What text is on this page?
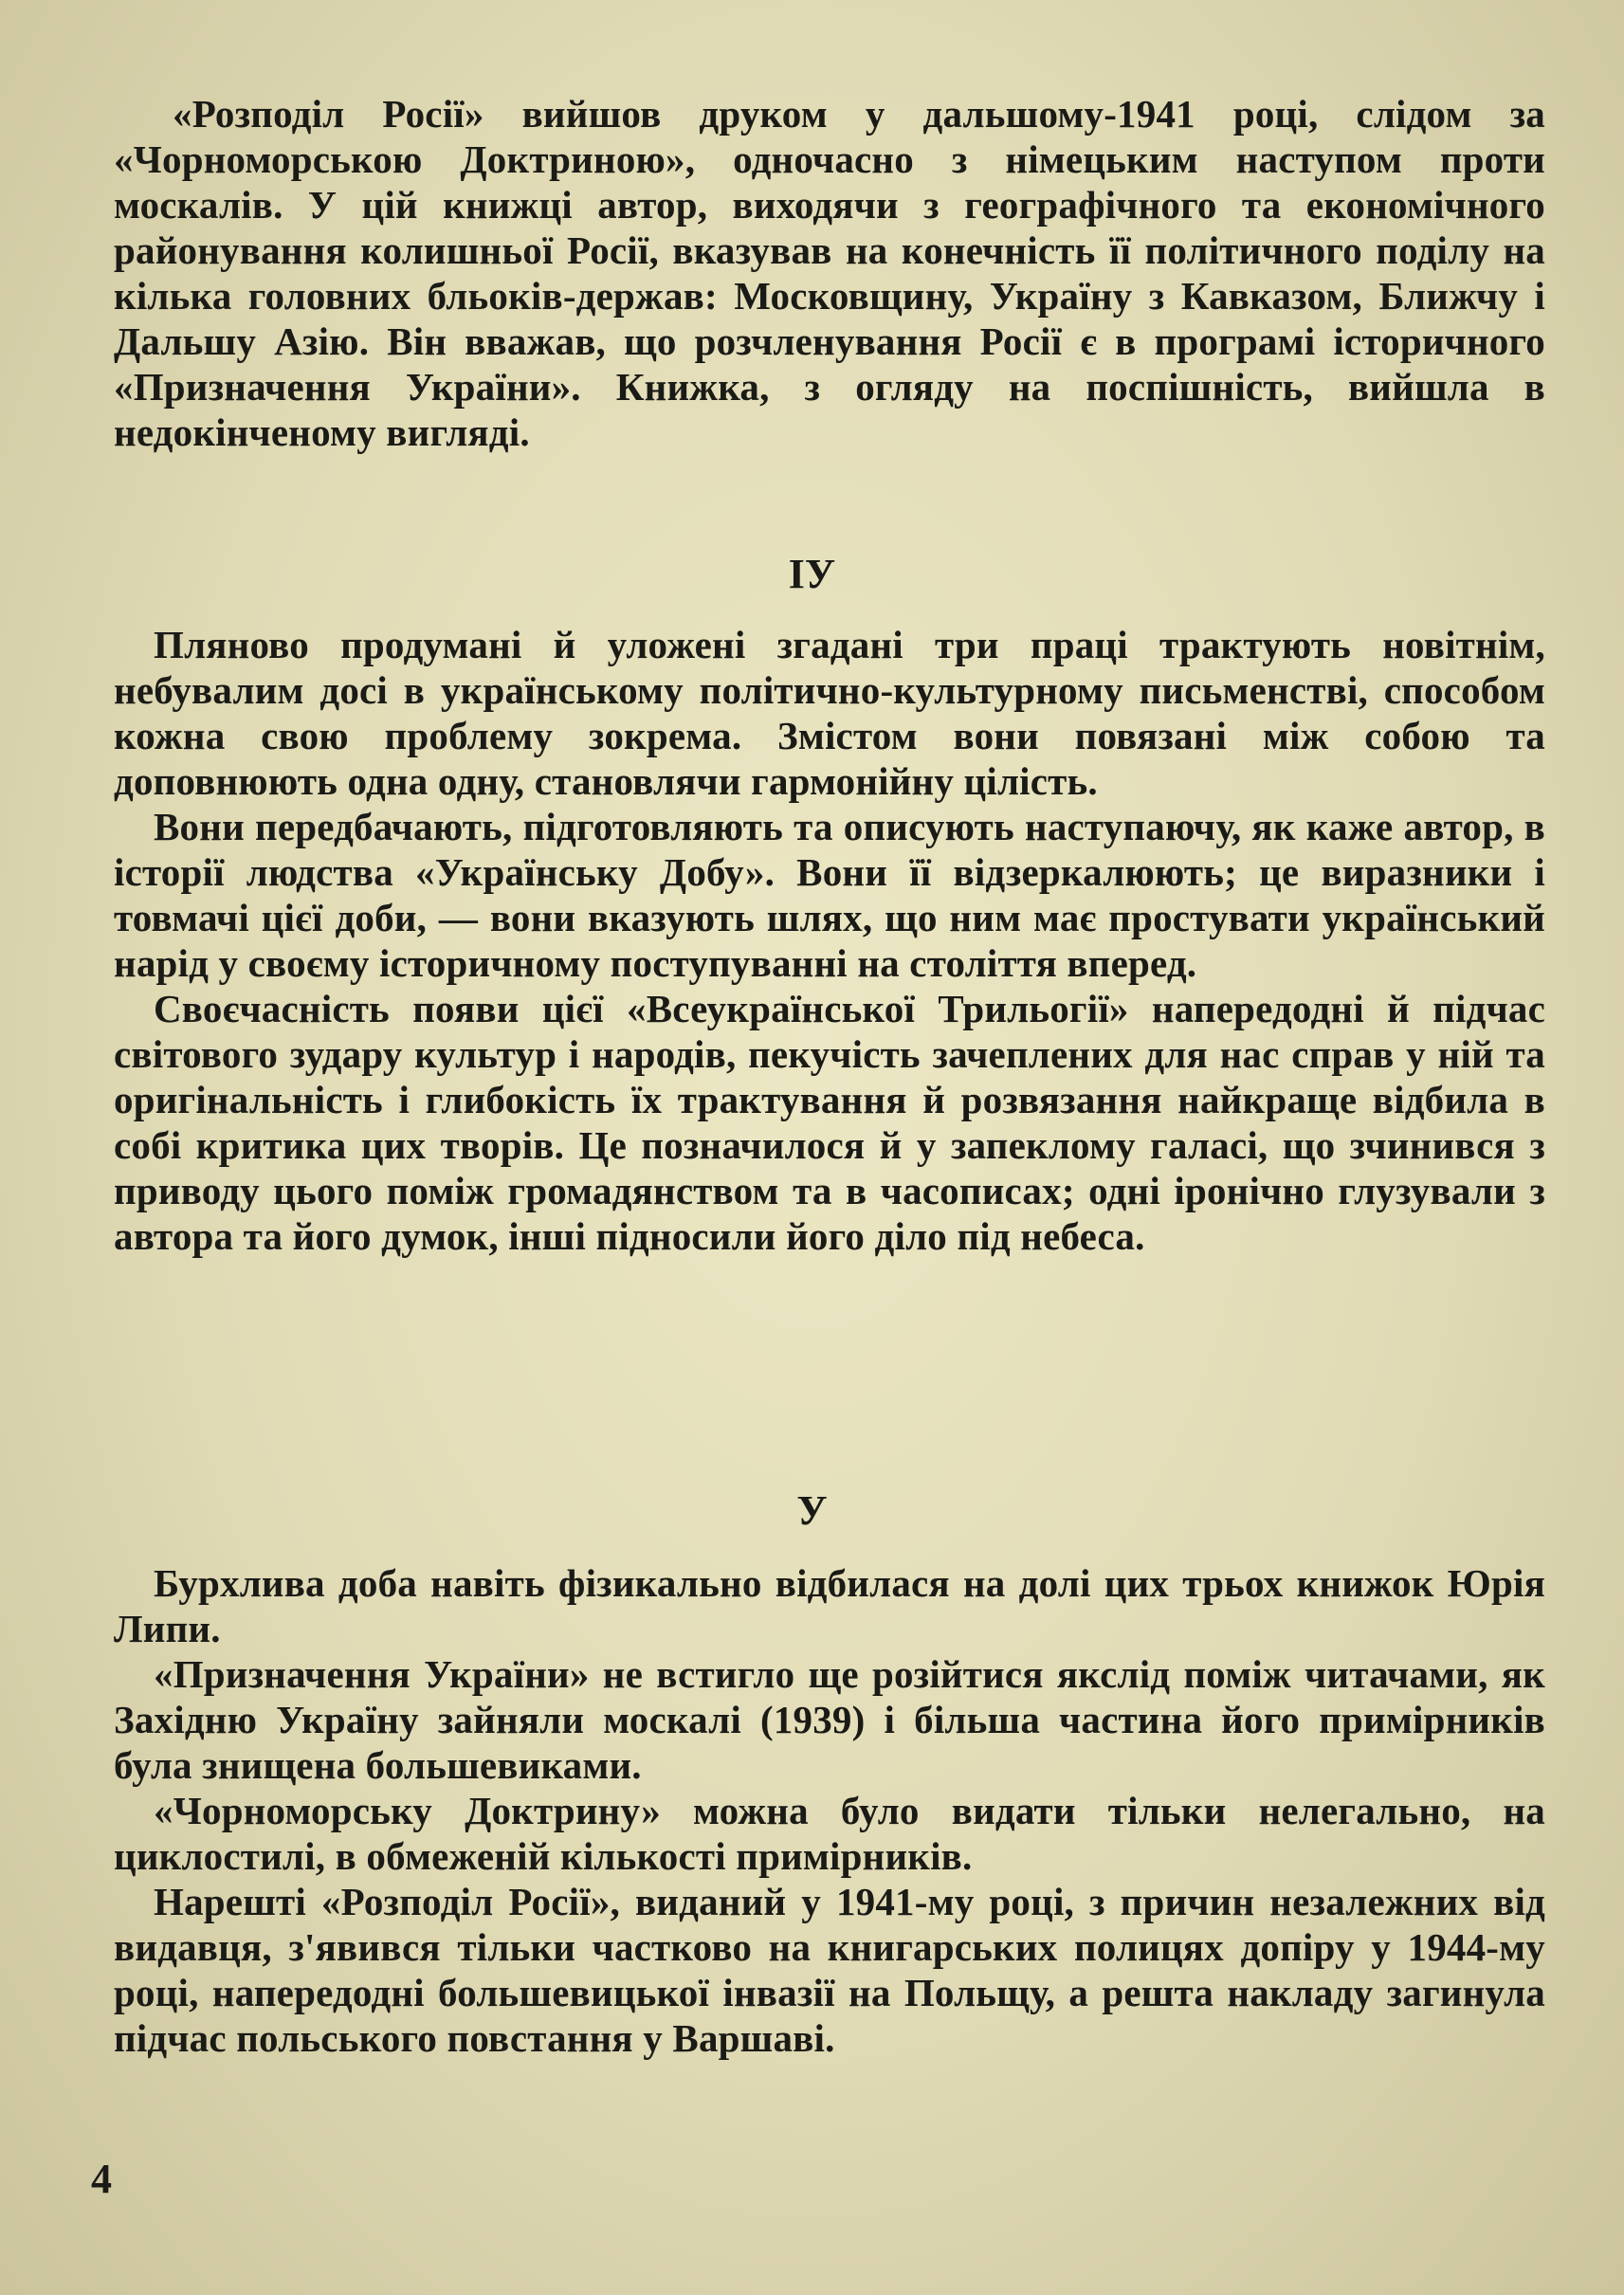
«Розподіл Росії» вийшов друком у дальшому-1941 році, слідом за «Чорноморською Доктриною», одночасно з німецьким наступом проти москалів. У цій книжці автор, виходячи з географічного та економічного районування колишньої Росії, вказував на конечність її політичного поділу на кілька головних бльоків-держав: Московщину, Україну з Кавказом, Ближчу і Дальшу Азію. Він вважав, що розчленування Росії є в програмі історичного «Призначення України». Книжка, з огляду на поспішність, вийшла в недокінченому вигляді.

ІУ

Пляново продумані й уложені згадані три праці трактують новітнім, небувалим досі в українському політично-культурному письменстві, способом кожна свою проблему зокрема. Змістом вони повязані між собою та доповнюють одна одну, становлячи гармонійну цілість.

Вони передбачають, підготовляють та описують наступаючу, як каже автор, в історії людства «Українську Добу». Вони її відзеркалюють; це виразники і товмачі цієї доби, — вони вказують шлях, що ним має простувати український нарід у своєму історичному поступуванні на століття вперед.

Своєчасність появи цієї «Всеукраїнської Трильогії» напередодні й підчас світового зудару культур і народів, пекучість зачеплених для нас справ у ній та оригінальність і глибокість їх трактування й розвязання найкраще відбила в собі критика цих творів. Це позначилося й у запеклому галасі, що зчинився з приводу цього поміж громадянством та в часописах; одні іронічно глузували з автора та його думок, інші підносили його діло під небеса.

У

Бурхлива доба навіть фізикально відбилася на долі цих трьох книжок Юрія Липи.

«Призначення України» не встигло ще розійтися якслід поміж читачами, як Західню Україну зайняли москалі (1939) і більша частина його примірників була знищена большевиками.

«Чорноморську Доктрину» можна було видати тільки нелегально, на циклостилі, в обмеженій кількості примірників.

Нарешті «Розподіл Росії», виданий у 1941-му році, з причин незалежних від видавця, з'явився тільки частково на книгарських полицях допіру у 1944-му році, напередодні большевицької інвазії на Польщу, а решта накладу загинула підчас польського повстання у Варшаві.

4
